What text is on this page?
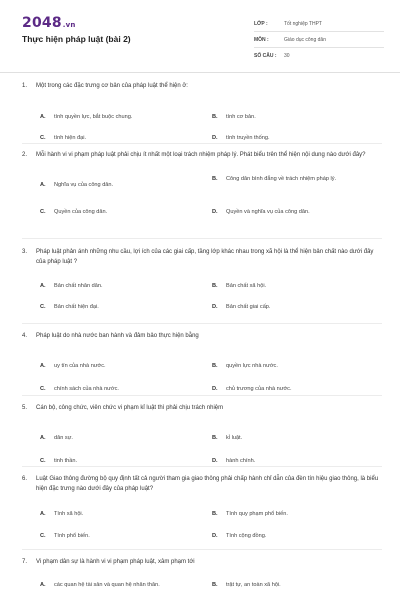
2048.vn
Thực hiện pháp luật (bài 2)
LỚP :	Tốt nghiệp THPT
MÔN :	Giáo dục công dân
SỐ CÂU :	30
1.	Một trong các đặc trưng cơ bản của pháp luật thể hiện ở:
A.	tính quyền lực, bắt buộc chung.	B.	tính cơ bản.
C.	tính hiện đại.	D.	tính truyền thống.
2.	Mỗi hành vi vi phạm pháp luật phải chịu ít nhất một loại trách nhiệm pháp lý. Phát biểu trên thể hiện nội dung nào dưới đây?
A.	Nghĩa vụ của công dân.
B.	Công dân bình đẳng về trách nhiệm pháp lý.
C.	Quyền của công dân.	D.	Quyền và nghĩa vụ của công dân.
3.	Pháp luật phản ánh những nhu cầu, lợi ích của các giai cấp, tầng lớp khác nhau trong xã hội là thể hiện bản chất nào dưới đây của pháp luật ?
A.	Bản chất nhân dân.	B.	Bản chất xã hội.
C.	Bản chất hiện đại.	D.	Bản chất giai cấp.
4.	Pháp luật do nhà nước ban hành và đảm bảo thực hiện bằng
A.	uy tín của nhà nước.	B.	quyền lực nhà nước.
C.	chính sách của nhà nước.	D.	chủ trương của nhà nước.
5.	Cán bộ, công chức, viên chức vi phạm kỉ luật thì phải chịu trách nhiệm
A.	dân sự.	B.	kỉ luật.
C.	tinh thần.	D.	hành chính.
6.	Luật Giao thông đường bộ quy định tất cả người tham gia giao thông phải chấp hành chỉ dẫn của đèn tín hiệu giao thông, là biểu hiện đặc trưng nào dưới đây của pháp luật?
A.	Tính xã hội.	B.	Tính quy phạm phổ biến.
C.	Tính phổ biến.	D.	Tính cộng đồng.
7.	Vi phạm dân sự là hành vi vi phạm pháp luật, xâm phạm tới
A.	các quan hệ tài sản và quan hệ nhân thân.	B.	trật tự, an toàn xã hội.
